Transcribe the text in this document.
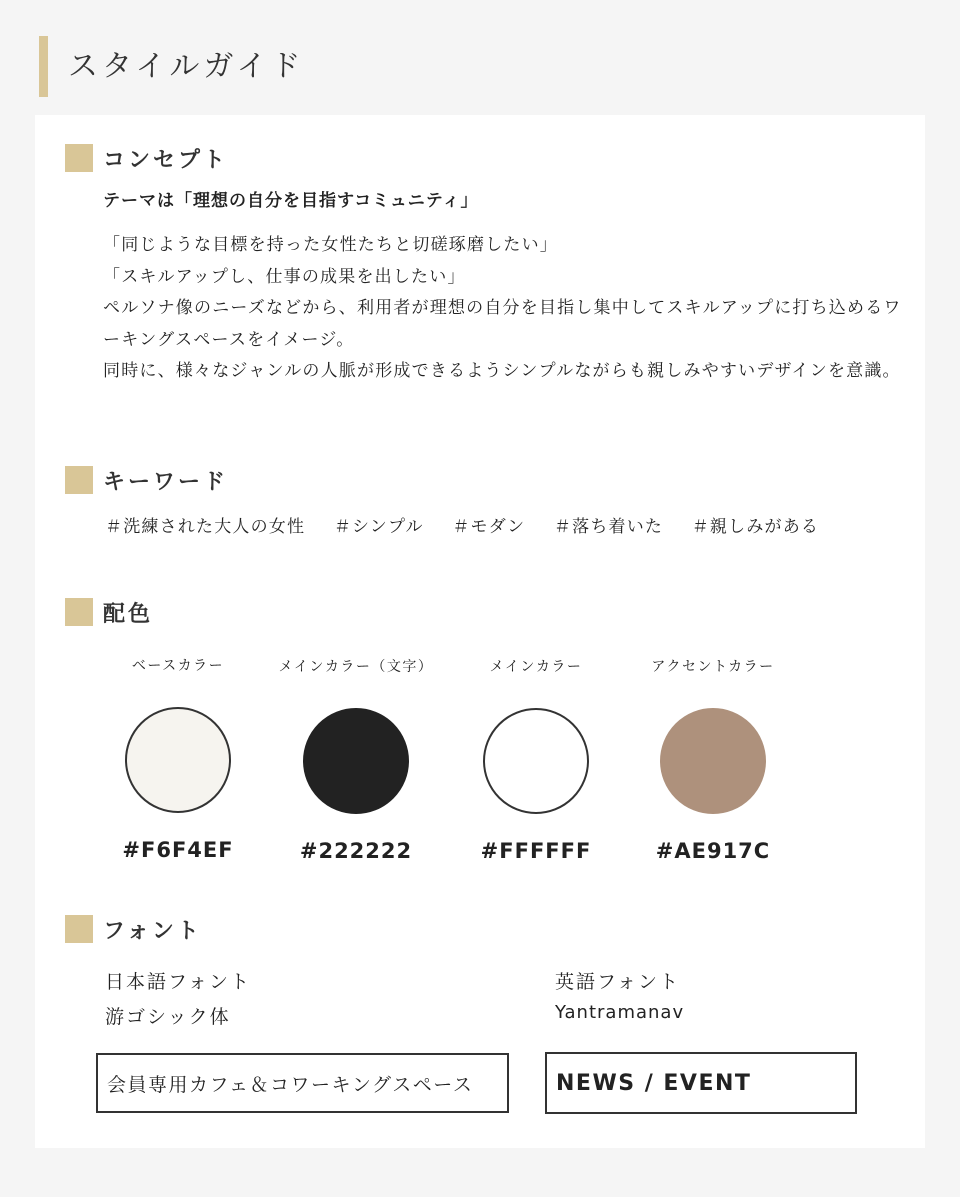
スタイルガイド
コンセプト
テーマは「理想の自分を目指すコミュニティ」

「同じような目標を持った女性たちと切磋琢磨したい」

「スキルアップし、仕事の成果を出したい」

ペルソナ像のニーズなどから、利用者が理想の自分を目指し集中してスキルアップに打ち込めるワーキングスペースをイメージ。

同時に、様々なジャンルの人脈が形成できるようシンプルながらも親しみやすいデザインを意識。

キーワード
＃洗練された大人の女性 ＃シンプル ＃モダン ＃落ち着いた ＃親しみがある
配色
ベースカラー
#F6F4EF
メインカラー（文字）
#222222
メインカラー
#FFFFFF
アクセントカラー
#AE917C
フォント
日本語フォント
游ゴシック体
英語フォント
Yantramanav
会員専用カフェ＆コワーキングスペース	NEWS / EVENT
